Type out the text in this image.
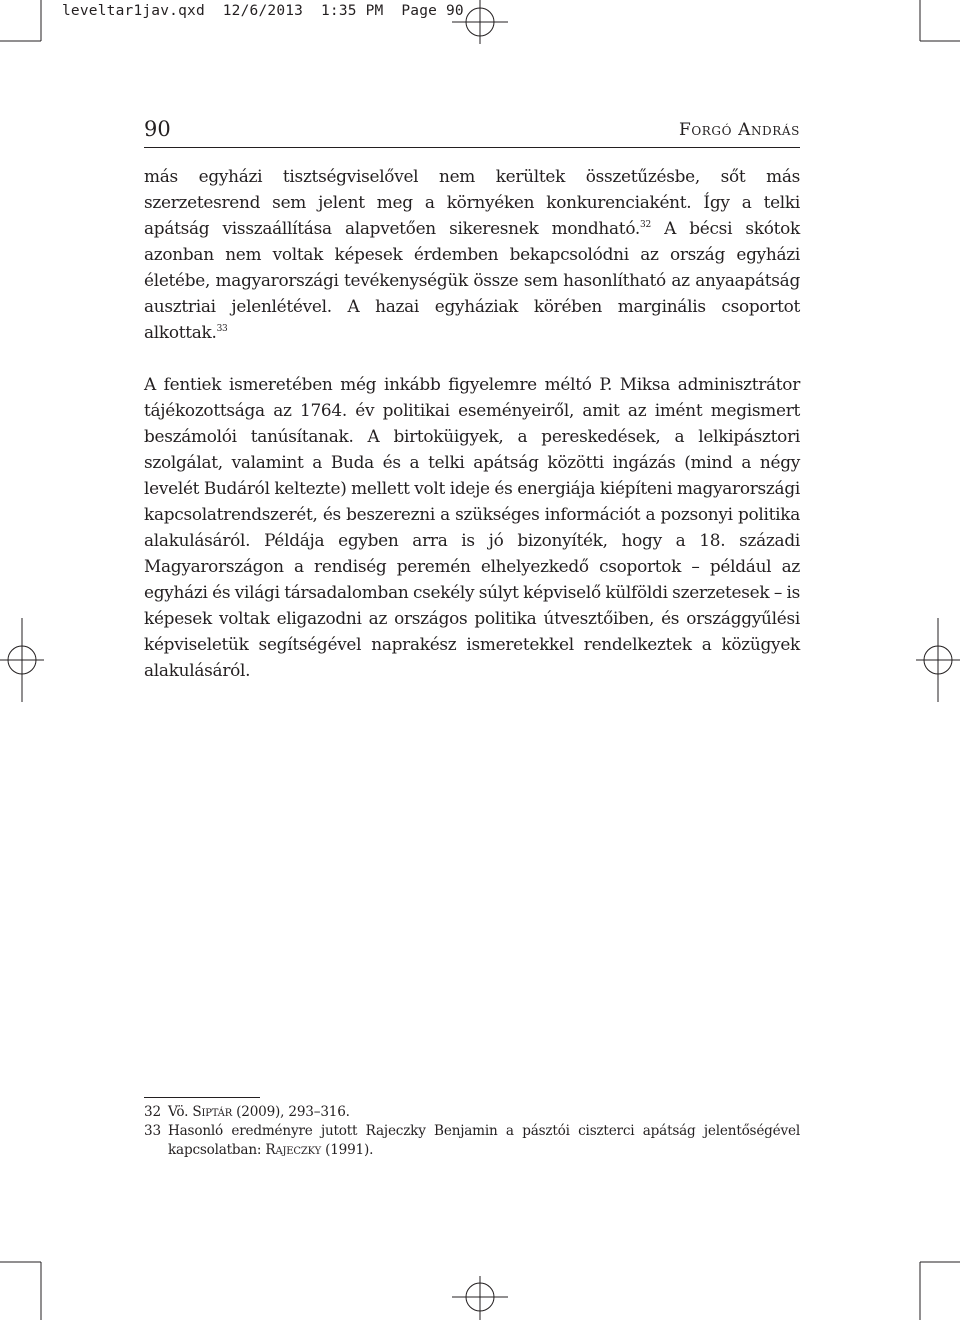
leveltar1jav.qxd  12/6/2013  1:35 PM  Page 90
90	Forgó András

más egyházi tisztségviselővel nem kerültek összetűzésbe, sőt más szerzetesrend sem jelent meg a környéken konkurenciaként. Így a telki apátság visszaállítása alapvetően sikeresnek mondható.$^{32}$ A bécsi skótok azonban nem voltak képesek érdemben bekapcsolódni az ország egyházi életébe, magyarországi tevékenységük össze sem hasonlítható az anyaapátság ausztriai jelenlétével. A hazai egyháziak körében marginális csoportot alkottak.$^{33}$

A fentiek ismeretében még inkább figyelemre méltó P. Miksa adminisztrátor tájékozottsága az 1764. év politikai eseményeiről, amit az imént megismert beszámolói tanúsítanak. A birtoküigyek, a pereskedések, a lelkipásztori szolgálat, valamint a Buda és a telki apátság közötti ingázás (mind a négy levelét Budáról keltezte) mellett volt ideje és energiája kiépíteni magyarországi kapcsolatrendszerét, és beszerezni a szükséges információt a pozsonyi politika alakulásáról. Példája egyben arra is jó bizonyíték, hogy a 18. századi Magyarországon a rendiség peremén elhelyezkedő csoportok – például az egyházi és világi társadalomban csekély súlyt képviselő külföldi szerzetesek – is képesek voltak eligazodni az országos politika útvesztőiben, és országgyűlési képviseletük segítségével naprakész ismeretekkel rendelkeztek a közügyek alakulásáról.

32 Vö. Siptár (2009), 293–316.
33 Hasonló eredményre jutott Rajeczky Benjamin a pásztói ciszterci apátság jelentőségével kapcsolatban: Rajeczky (1991).
